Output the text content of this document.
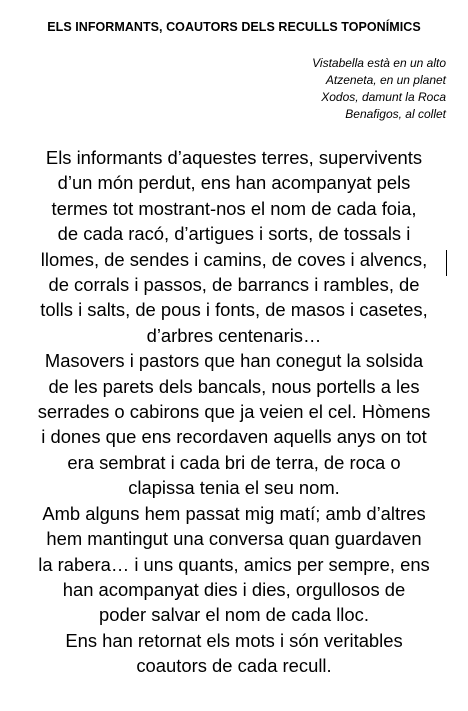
ELS INFORMANTS, COAUTORS DELS RECULLS TOPONÍMICS
Vistabella està en un alto
Atzeneta, en un planet
Xodos, damunt la Roca
Benafigos, al collet
Els informants d’aquestes terres, supervivents
d’un món perdut, ens han acompanyat pels
termes tot mostrant-nos el nom de cada foia,
de cada racó, d’artigues i sorts, de tossals i
llomes, de sendes i camins, de coves i alvencs,
de corrals i passos, de barrancs i rambles, de
tolls i salts, de pous i fonts, de masos i casetes,
d’arbres centenaris…
Masovers i pastors que han conegut la solsida
de les parets dels bancals, nous portells a les
serrades o cabirons que ja veien el cel. Hòmens
i dones que ens recordaven aquells anys on tot
era sembrat i cada bri de terra, de roca o
clapissa tenia el seu nom.
Amb alguns hem passat mig matí; amb d’altres
hem mantingut una conversa quan guardaven
la rabera… i uns quants, amics per sempre, ens
han acompanyat dies i dies, orgullosos de
poder salvar el nom de cada lloc.
Ens han retornat els mots i són veritables
coautors de cada recull.
